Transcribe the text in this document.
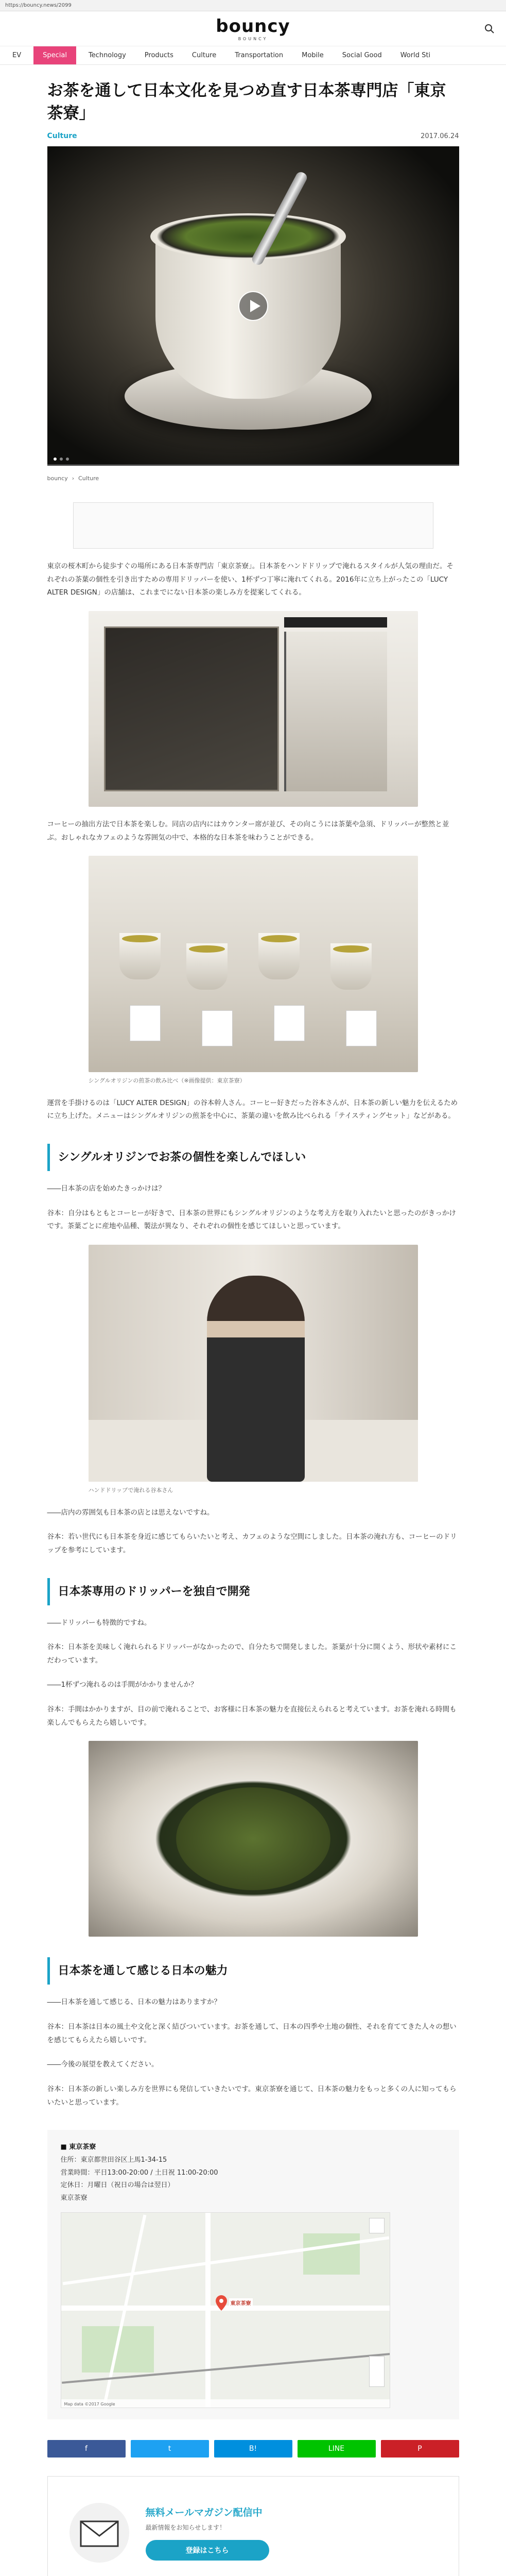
https://bouncy.news/2099
bouncy
BOUNCY
EV	Special	Technology	Products	Culture	Transportation	Mobile	Social Good	World Sti
お茶を通して日本文化を見つめ直す日本茶専門店「東京茶寮」
Culture	2017.06.24
bouncy › Culture

東京の桜木町から徒歩すぐの場所にある日本茶専門店「東京茶寮」。日本茶をハンドドリップで淹れるスタイルが人気の理由だ。それぞれの茶葉の個性を引き出すための専用ドリッパーを使い、1杯ずつ丁寧に淹れてくれる。2016年に立ち上がったこの「LUCY ALTER DESIGN」の店舗は、これまでにない日本茶の楽しみ方を提案してくれる。

コーヒーの抽出方法で日本茶を楽しむ。同店の店内にはカウンター席が並び、その向こうには茶葉や急須、ドリッパーが整然と並ぶ。おしゃれなカフェのような雰囲気の中で、本格的な日本茶を味わうことができる。

シングルオリジンの煎茶の飲み比べ（※画像提供：東京茶寮）

運営を手掛けるのは「LUCY ALTER DESIGN」の谷本幹人さん。コーヒー好きだった谷本さんが、日本茶の新しい魅力を伝えるために立ち上げた。メニューはシングルオリジンの煎茶を中心に、茶葉の違いを飲み比べられる「テイスティングセット」などがある。

シングルオリジンでお茶の個性を楽しんでほしい

――日本茶の店を始めたきっかけは？

谷本：自分はもともとコーヒーが好きで、日本茶の世界にもシングルオリジンのような考え方を取り入れたいと思ったのがきっかけです。茶葉ごとに産地や品種、製法が異なり、それぞれの個性を感じてほしいと思っています。

ハンドドリップで淹れる谷本さん

――店内の雰囲気も日本茶の店とは思えないですね。

谷本：若い世代にも日本茶を身近に感じてもらいたいと考え、カフェのような空間にしました。日本茶の淹れ方も、コーヒーのドリップを参考にしています。

日本茶専用のドリッパーを独自で開発

――ドリッパーも特徴的ですね。

谷本：日本茶を美味しく淹れられるドリッパーがなかったので、自分たちで開発しました。茶葉が十分に開くよう、形状や素材にこだわっています。

――1杯ずつ淹れるのは手間がかかりませんか？

谷本：手間はかかりますが、目の前で淹れることで、お客様に日本茶の魅力を直接伝えられると考えています。お茶を淹れる時間も楽しんでもらえたら嬉しいです。

日本茶を通して感じる日本の魅力

――日本茶を通して感じる、日本の魅力はありますか？

谷本：日本茶は日本の風土や文化と深く結びついています。お茶を通して、日本の四季や土地の個性、それを育ててきた人々の想いを感じてもらえたら嬉しいです。

――今後の展望を教えてください。

谷本：日本茶の新しい楽しみ方を世界にも発信していきたいです。東京茶寮を通じて、日本茶の魅力をもっと多くの人に知ってもらいたいと思っています。

■ 東京茶寮
住所：東京都世田谷区上馬1-34-15
営業時間：平日13:00-20:00 / 土日祝 11:00-20:00
定休日：月曜日（祝日の場合は翌日）
東京茶寮
東京茶寮
Map data ©2017 Google
f	t	B!	LINE	P
無料メールマガジン配信中
最新情報をお知らせします！
登録はこちら
